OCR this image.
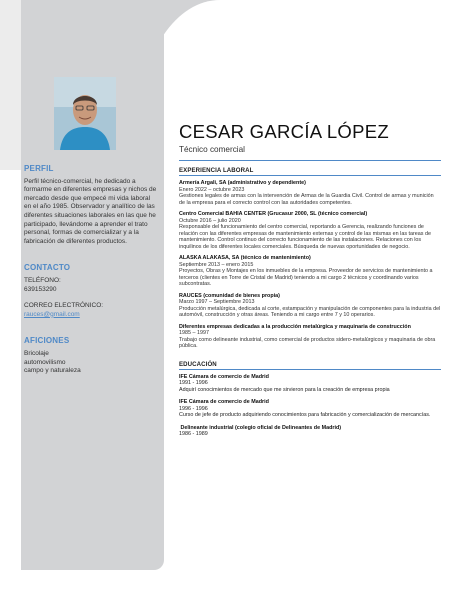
PERFIL

Perfil técnico-comercial, he dedicado a formarme en diferentes empresas y nichos de mercado desde que empecé mi vida laboral en el año 1985. Observador y analítico de las diferentes situaciones laborales en las que he participado, llevándome a aprender el trato personal, formas de comercializar y a la fabricación de diferentes productos.

CONTACTO

TELÉFONO:

639153290

CORREO ELECTRÓNICO:

rauces@gmail.com

AFICIONES

Bricolaje

automovilismo

campo y naturaleza

CESAR GARCÍA LÓPEZ
Técnico comercial
EXPERIENCIA LABORAL
Armería Argali, SA (administrativo y dependiente)
Enero 2022 – octubre 2023
Gestiones legales de armas con la intervención de Armas de la Guardia Civil. Control de armas y munición de la empresa para el correcto control con las autoridades competentes.
Centro Comercial BAHIA CENTER (Grucasur 2000, SL (técnico comercial)
Octubre 2016 – julio 2020
Responsable del funcionamiento del centro comercial, reportando a Gerencia, realizando funciones de relación con las diferentes empresas de mantenimiento externas y control de las mismas en las tareas de mantenimiento. Control continuo del correcto funcionamiento de las instalaciones. Relaciones con los inquilinos de los diferentes locales comerciales. Búsqueda de nuevas oportunidades de negocio.
ALASKA ALAKASA, SA (técnico de mantenimiento)
Septiembre 2013 – enero 2015
Proyectos, Obras y Montajes en los inmuebles de la empresa. Proveedor de servicios de mantenimiento a terceros (clientes en Torre de Cristal de Madrid) teniendo a mi cargo 2 técnicos y coordinando varios subcontratas.
RAUCES (comunidad de bienes propia)
Marzo 1997 – Septiembre 2013
Producción metalúrgica, dedicada al corte, estampación y manipulación de componentes para la industria del automóvil, construcción y otras áreas. Teniendo a mi cargo entre 7 y 10 operarios.
Diferentes empresas dedicadas a la producción metalúrgica y maquinaria de construcción
1985 – 1997
Trabajo como delineante industrial, como comercial de productos sidero-metalúrgicos y maquinaria de obra pública.
EDUCACIÓN
IFE Cámara de comercio de Madrid
1991 - 1996
Adquirí conocimientos de mercado que me sirvieron para la creación de empresa propia
IFE Cámara de comercio de Madrid
1996 - 1996
Curso de jefe de producto adquiriendo conocimientos para fabricación y comercialización de mercancías.
Delineante industrial (colegio oficial de Delineantes de Madrid)
1986 - 1989
